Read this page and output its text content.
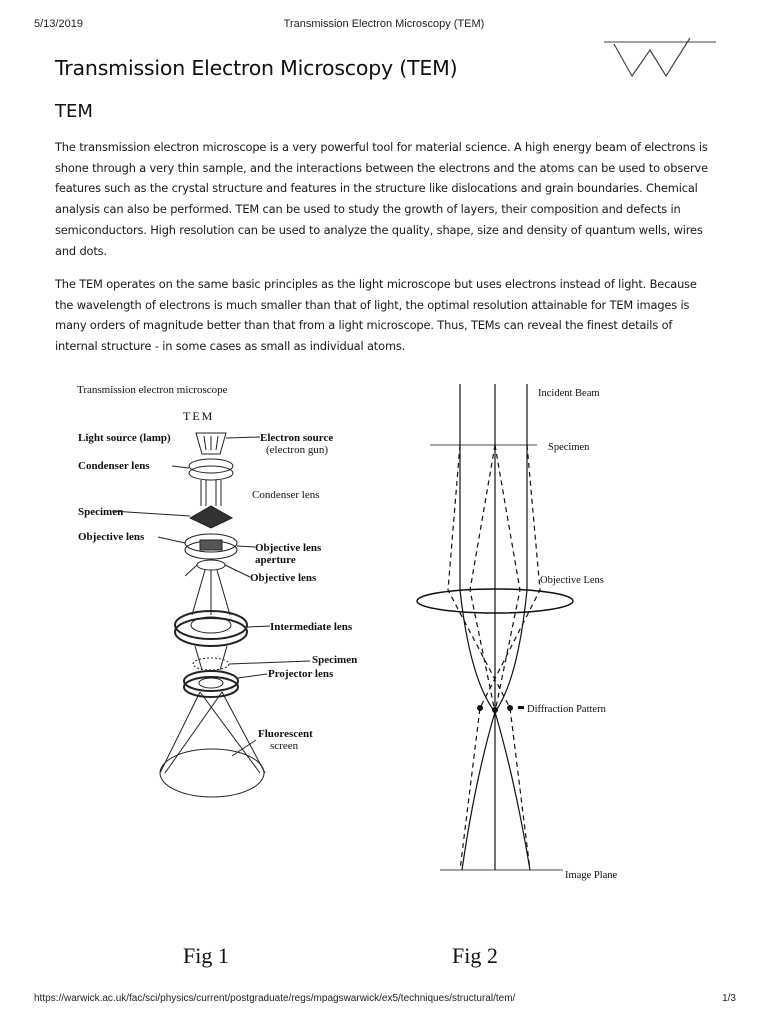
5/13/2019	Transmission Electron Microscopy (TEM)
Transmission Electron Microscopy (TEM)
TEM

The transmission electron microscope is a very powerful tool for material science. A high energy beam of electrons is shone through a very thin sample, and the interactions between the electrons and the atoms can be used to observe features such as the crystal structure and features in the structure like dislocations and grain boundaries. Chemical analysis can also be performed. TEM can be used to study the growth of layers, their composition and defects in semiconductors. High resolution can be used to analyze the quality, shape, size and density of quantum wells, wires and dots.

The TEM operates on the same basic principles as the light microscope but uses electrons instead of light. Because the wavelength of electrons is much smaller than that of light, the optimal resolution attainable for TEM images is many orders of magnitude better than that from a light microscope. Thus, TEMs can reveal the finest details of internal structure - in some cases as small as individual atoms.

Transmission electron microscope
TEM
Light source (lamp)	Electron source
(electron gun)
Condenser lens
Condenser lens
Specimen
Objective lens
Objective lens
aperture
Objective lens
Intermediate lens
Specimen
Projector lens
Fluorescent
screen
Incident Beam
Specimen
Objective Lens
Diffraction Pattern
Image Plane
Fig 1	Fig 2
https://warwick.ac.uk/fac/sci/physics/current/postgraduate/regs/mpagswarwick/ex5/techniques/structural/tem/	1/3
